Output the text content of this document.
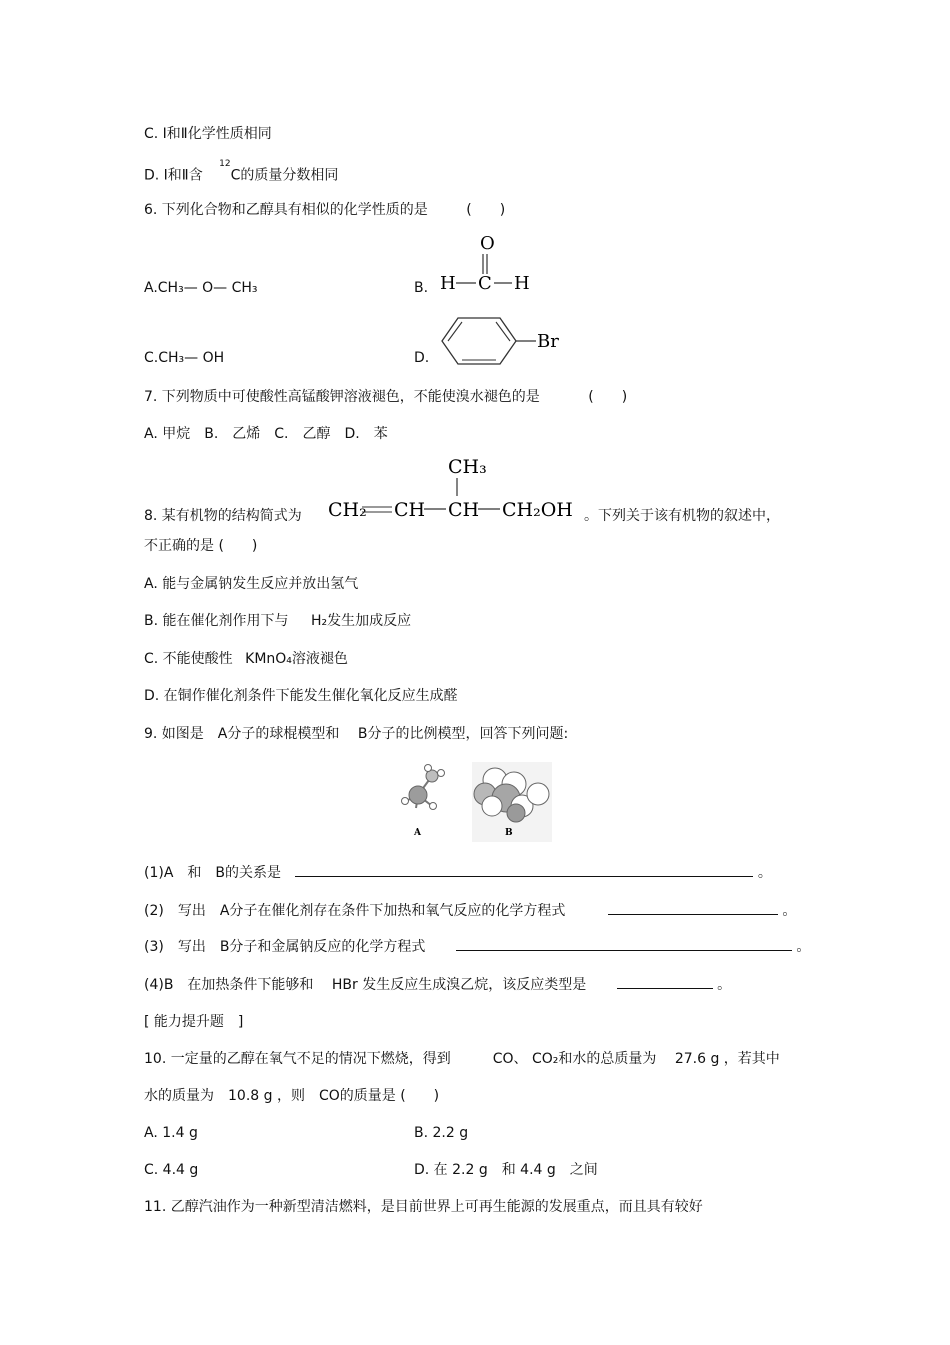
C. Ⅰ和Ⅱ化学性质相同
D. Ⅰ和Ⅱ含 $^{12}$C的质量分数相同
6. 下列化合物和乙醇具有相似的化学性质的是	(　　)
A.CH₃— O— CH₃	B.
O
H C H
C.CH₃— OH	D.
Br
7. 下列物质中可使酸性高锰酸钾溶液褪色，不能使溴水褪色的是	(　　)
A. 甲烷　B.　乙烯　C.　乙醇　D.　苯
8. 某有机物的结构简式为
CH₃
CH₂ CH CH CH₂OH 。下列关于该有机物的叙述中，
不正确的是 (　　)
A. 能与金属钠发生反应并放出氢气
B. 能在催化剂作用下与 H₂发生加成反应
C. 不能使酸性 KMnO₄溶液褪色
D. 在铜作催化剂条件下能发生催化氧化反应生成醛
9. 如图是　A分子的球棍模型和　 B分子的比例模型，回答下列问题:
A	B
(1)A　和　B的关系是	。
(2)　写出　A分子在催化剂存在条件下加热和氧气反应的化学方程式	。
(3)　写出　B分子和金属钠反应的化学方程式	。
(4)B　在加热条件下能够和　 HBr 发生反应生成溴乙烷，该反应类型是	。
[ 能力提升题　]
10. 一定量的乙醇在氧气不足的情况下燃烧，得到　　　CO、 CO₂和水的总质量为　 27.6 g ，若其中
水的质量为　10.8 g ，则　CO的质量是 (　　)
A. 1.4 g	B. 2.2 g
C. 4.4 g	D. 在 2.2 g　和 4.4 g　之间
11. 乙醇汽油作为一种新型清洁燃料，是目前世界上可再生能源的发展重点，而且具有较好
